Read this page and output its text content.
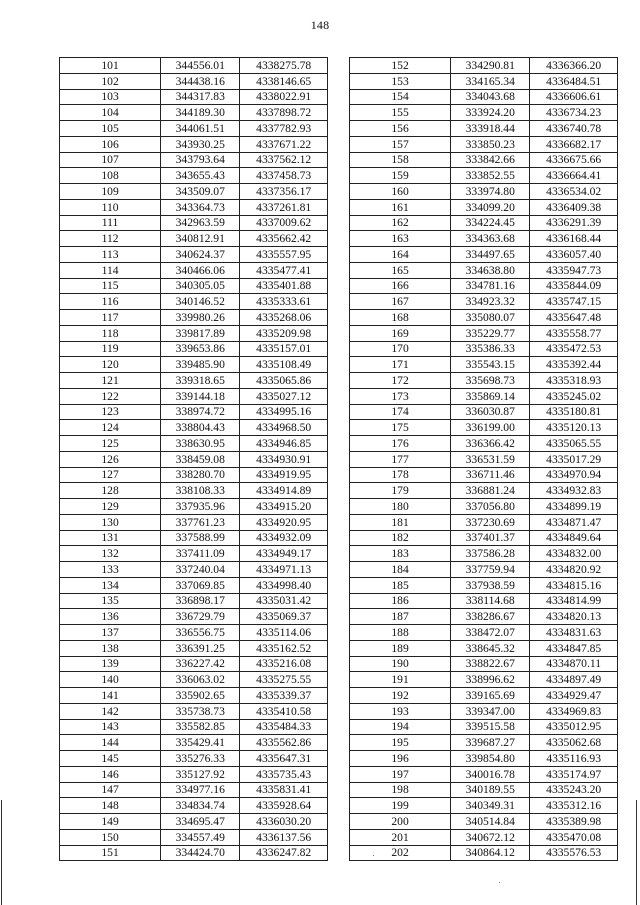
148
101	344556.01	4338275.78
102	344438.16	4338146.65
103	344317.83	4338022.91
104	344189.30	4337898.72
105	344061.51	4337782.93
106	343930.25	4337671.22
107	343793.64	4337562.12
108	343655.43	4337458.73
109	343509.07	4337356.17
110	343364.73	4337261.81
111	342963.59	4337009.62
112	340812.91	4335662.42
113	340624.37	4335557.95
114	340466.06	4335477.41
115	340305.05	4335401.88
116	340146.52	4335333.61
117	339980.26	4335268.06
118	339817.89	4335209.98
119	339653.86	4335157.01
120	339485.90	4335108.49
121	339318.65	4335065.86
122	339144.18	4335027.12
123	338974.72	4334995.16
124	338804.43	4334968.50
125	338630.95	4334946.85
126	338459.08	4334930.91
127	338280.70	4334919.95
128	338108.33	4334914.89
129	337935.96	4334915.20
130	337761.23	4334920.95
131	337588.99	4334932.09
132	337411.09	4334949.17
133	337240.04	4334971.13
134	337069.85	4334998.40
135	336898.17	4335031.42
136	336729.79	4335069.37
137	336556.75	4335114.06
138	336391.25	4335162.52
139	336227.42	4335216.08
140	336063.02	4335275.55
141	335902.65	4335339.37
142	335738.73	4335410.58
143	335582.85	4335484.33
144	335429.41	4335562.86
145	335276.33	4335647.31
146	335127.92	4335735.43
147	334977.16	4335831.41
148	334834.74	4335928.64
149	334695.47	4336030.20
150	334557.49	4336137.56
151	334424.70	4336247.82
152	334290.81	4336366.20
153	334165.34	4336484.51
154	334043.68	4336606.61
155	333924.20	4336734.23
156	333918.44	4336740.78
157	333850.23	4336682.17
158	333842.66	4336675.66
159	333852.55	4336664.41
160	333974.80	4336534.02
161	334099.20	4336409.38
162	334224.45	4336291.39
163	334363.68	4336168.44
164	334497.65	4336057.40
165	334638.80	4335947.73
166	334781.16	4335844.09
167	334923.32	4335747.15
168	335080.07	4335647.48
169	335229.77	4335558.77
170	335386.33	4335472.53
171	335543.15	4335392.44
172	335698.73	4335318.93
173	335869.14	4335245.02
174	336030.87	4335180.81
175	336199.00	4335120.13
176	336366.42	4335065.55
177	336531.59	4335017.29
178	336711.46	4334970.94
179	336881.24	4334932.83
180	337056.80	4334899.19
181	337230.69	4334871.47
182	337401.37	4334849.64
183	337586.28	4334832.00
184	337759.94	4334820.92
185	337938.59	4334815.16
186	338114.68	4334814.99
187	338286.67	4334820.13
188	338472.07	4334831.63
189	338645.32	4334847.85
190	338822.67	4334870.11
191	338996.62	4334897.49
192	339165.69	4334929.47
193	339347.00	4334969.83
194	339515.58	4335012.95
195	339687.27	4335062.68
196	339854.80	4335116.93
197	340016.78	4335174.97
198	340189.55	4335243.20
199	340349.31	4335312.16
200	340514.84	4335389.98
201	340672.12	4335470.08
202	340864.12	4335576.53
